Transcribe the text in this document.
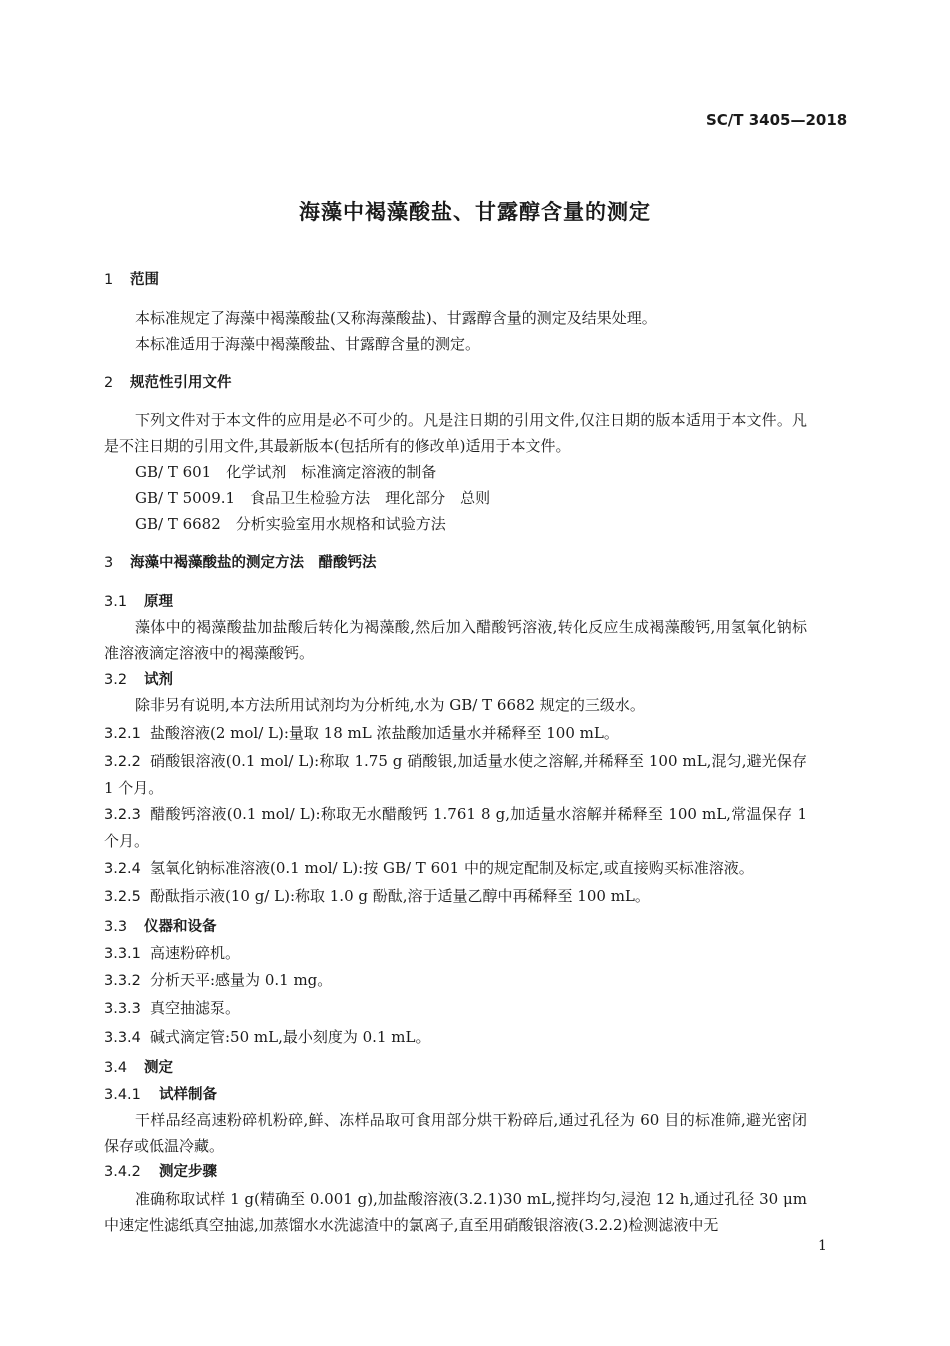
SC/T 3405—2018
海藻中褐藻酸盐、甘露醇含量的测定
1 范围
本标准规定了海藻中褐藻酸盐(又称海藻酸盐)、甘露醇含量的测定及结果处理。
本标准适用于海藻中褐藻酸盐、甘露醇含量的测定。
2 规范性引用文件
下列文件对于本文件的应用是必不可少的。凡是注日期的引用文件,仅注日期的版本适用于本文件。凡是不注日期的引用文件,其最新版本(包括所有的修改单)适用于本文件。
GB/ T 601　化学试剂　标准滴定溶液的制备
GB/ T 5009.1　食品卫生检验方法　理化部分　总则
GB/ T 6682　分析实验室用水规格和试验方法
3 海藻中褐藻酸盐的测定方法　醋酸钙法
3.1 原理
藻体中的褐藻酸盐加盐酸后转化为褐藻酸,然后加入醋酸钙溶液,转化反应生成褐藻酸钙,用氢氧化钠标准溶液滴定溶液中的褐藻酸钙。
3.2 试剂
除非另有说明,本方法所用试剂均为分析纯,水为 GB/ T 6682 规定的三级水。
3.2.1 盐酸溶液(2 mol/ L):量取 18 mL 浓盐酸加适量水并稀释至 100 mL。
3.2.2 硝酸银溶液(0.1 mol/ L):称取 1.75 g 硝酸银,加适量水使之溶解,并稀释至 100 mL,混匀,避光保存 1 个月。
3.2.3 醋酸钙溶液(0.1 mol/ L):称取无水醋酸钙 1.761 8 g,加适量水溶解并稀释至 100 mL,常温保存 1 个月。
3.2.4 氢氧化钠标准溶液(0.1 mol/ L):按 GB/ T 601 中的规定配制及标定,或直接购买标准溶液。
3.2.5 酚酞指示液(10 g/ L):称取 1.0 g 酚酞,溶于适量乙醇中再稀释至 100 mL。
3.3 仪器和设备
3.3.1 高速粉碎机。
3.3.2 分析天平:感量为 0.1 mg。
3.3.3 真空抽滤泵。
3.3.4 碱式滴定管:50 mL,最小刻度为 0.1 mL。
3.4 测定
3.4.1 试样制备
干样品经高速粉碎机粉碎,鲜、冻样品取可食用部分烘干粉碎后,通过孔径为 60 目的标准筛,避光密闭保存或低温冷藏。
3.4.2 测定步骤
准确称取试样 1 g(精确至 0.001 g),加盐酸溶液(3.2.1)30 mL,搅拌均匀,浸泡 12 h,通过孔径 30 μm中速定性滤纸真空抽滤,加蒸馏水水洗滤渣中的氯离子,直至用硝酸银溶液(3.2.2)检测滤液中无
1
